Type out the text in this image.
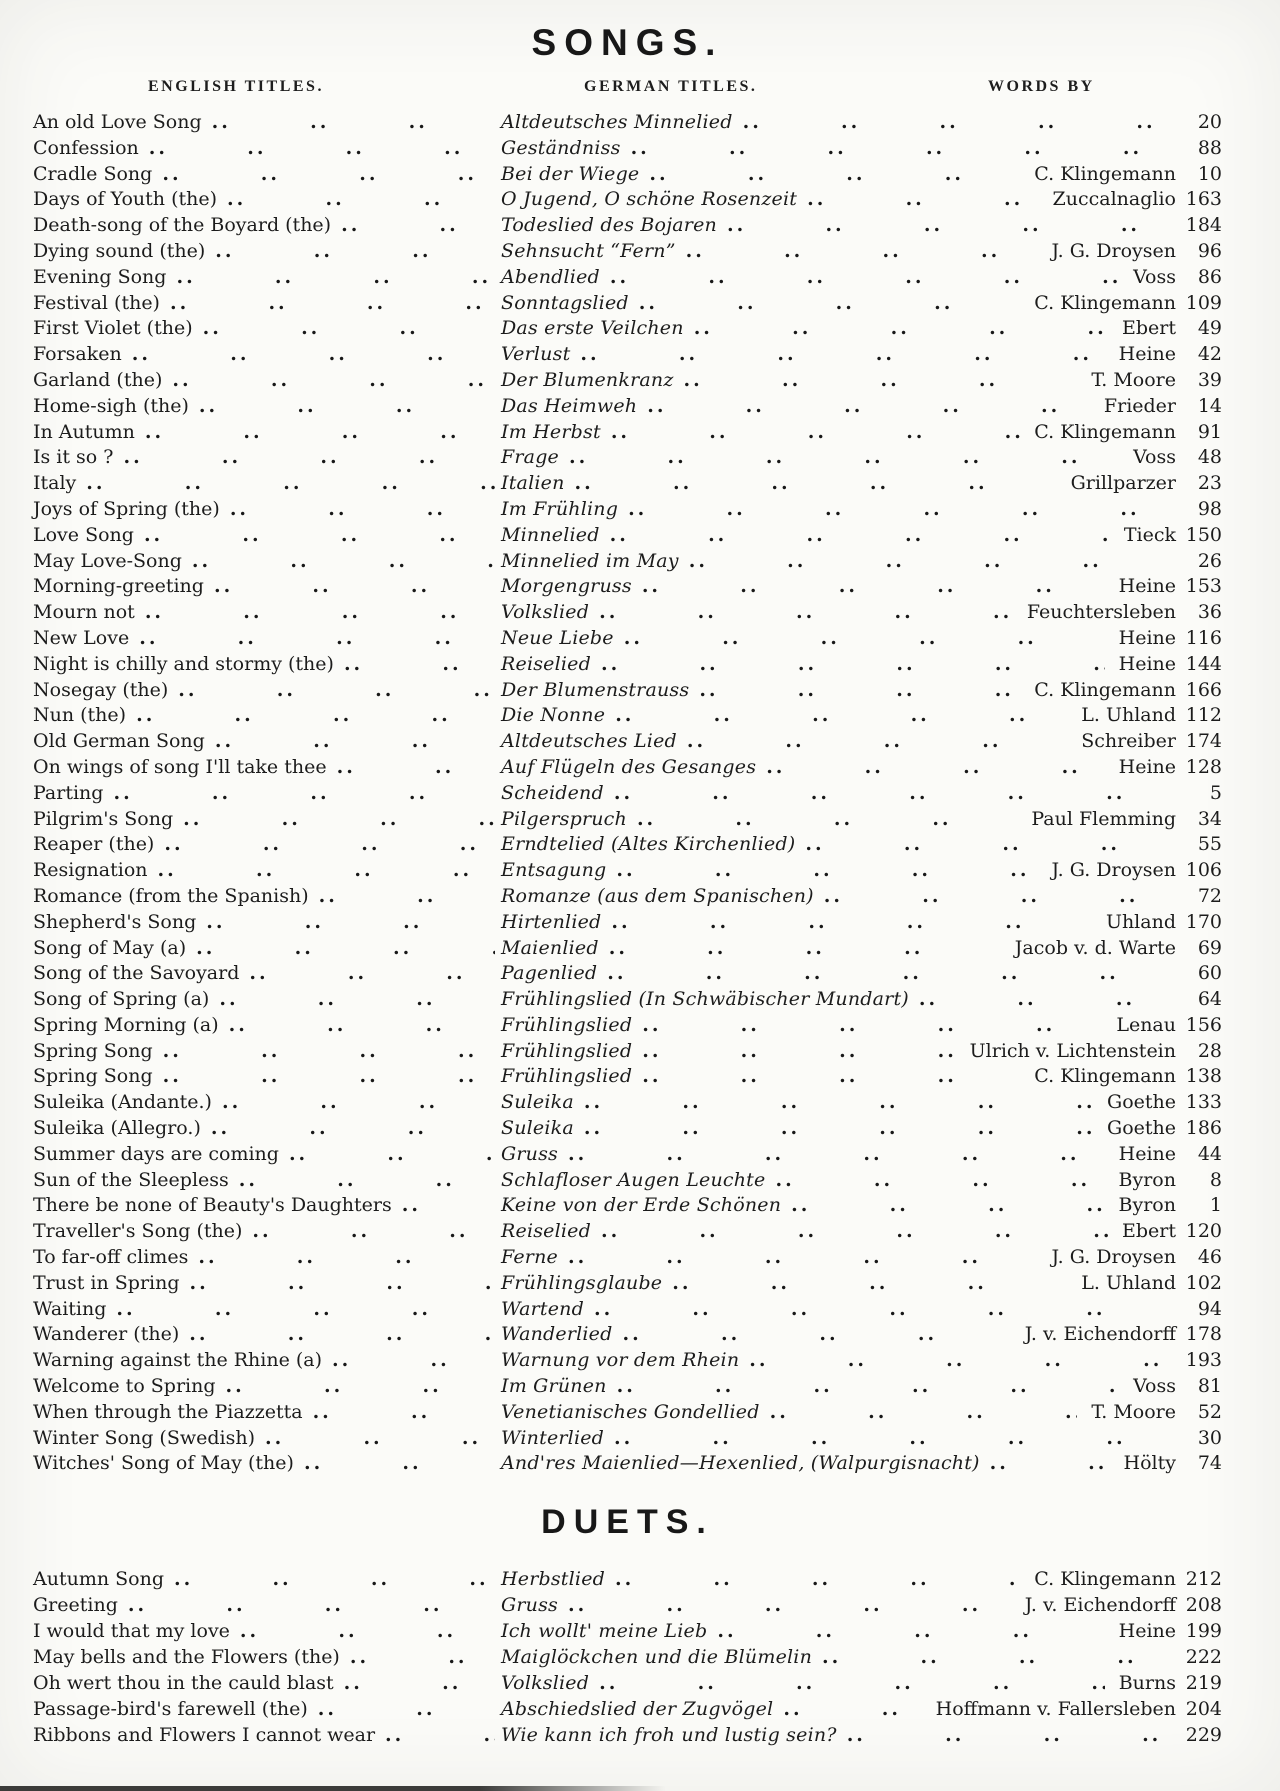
SONGS.
ENGLISH TITLES.	GERMAN TITLES.	WORDS BY
An old Love Song ..  .	Altdeutsches Minnelied ..  .	20
Confession ..  .	Geständniss ..  .	88
Cradle Song ..  .	Bei der Wiege ..  .	C. Klingemann	10
Days of Youth (the) ..  .	O Jugend, O schöne Rosenzeit ..  .	Zuccalnaglio 163
Death-song of the Boyard (the) ..  .	Todeslied des Bojaren ..  .	184
Dying sound (the) ..  .	Sehnsucht “Fern” ..  .	J. G. Droysen	96
Evening Song ..  .	Abendlied ..  .	Voss	86
Festival (the) ..  .	Sonntagslied ..  .	C. Klingemann 109
First Violet (the) ..  .	Das erste Veilchen ..  .	Ebert	49
Forsaken ..  .	Verlust ..  .	Heine	42
Garland (the) ..  .	Der Blumenkranz ..  .	T. Moore	39
Home-sigh (the) ..  .	Das Heimweh ..  .	Frieder	14
In Autumn ..  .	Im Herbst ..  .	C. Klingemann	91
Is it so ? ..  .	Frage ..  .	Voss	48
Italy ..  .	Italien ..  .	Grillparzer	23
Joys of Spring (the) ..  .	Im Frühling ..  .	98
Love Song ..  .	Minnelied ..  .	Tieck 150
May Love-Song ..  .	Minnelied im May ..  .	26
Morning-greeting ..  .	Morgengruss ..  .	Heine 153
Mourn not ..  .	Volkslied ..  .	Feuchtersleben	36
New Love ..  .	Neue Liebe ..  .	Heine 116
Night is chilly and stormy (the) ..  .	Reiselied ..  .	Heine 144
Nosegay (the) ..  .	Der Blumenstrauss ..  .	C. Klingemann 166
Nun (the) ..  .	Die Nonne ..  .	L. Uhland 112
Old German Song ..  .	Altdeutsches Lied ..  .	Schreiber 174
On wings of song I'll take thee ..  .	Auf Flügeln des Gesanges ..  .	Heine 128
Parting ..  .	Scheidend ..  .	5
Pilgrim's Song ..  .	Pilgerspruch ..  .	Paul Flemming	34
Reaper (the) ..  .	Erndtelied (Altes Kirchenlied) ..  .	55
Resignation ..  .	Entsagung ..  .	J. G. Droysen 106
Romance (from the Spanish) ..  .	Romanze (aus dem Spanischen) ..  .	72
Shepherd's Song ..  .	Hirtenlied ..  .	Uhland 170
Song of May (a) ..  .	Maienlied ..  .	Jacob v. d. Warte	69
Song of the Savoyard ..  .	Pagenlied ..  .	60
Song of Spring (a) ..  .	Frühlingslied (In Schwäbischer Mundart) ..  .	64
Spring Morning (a) ..  .	Frühlingslied ..  .	Lenau 156
Spring Song ..  .	Frühlingslied ..  .	Ulrich v. Lichtenstein	28
Spring Song ..  .	Frühlingslied ..  .	C. Klingemann 138
Suleika (Andante.) ..  .	Suleika ..  .	Goethe 133
Suleika (Allegro.) ..  .	Suleika ..  .	Goethe 186
Summer days are coming ..  .	Gruss ..  .	Heine	44
Sun of the Sleepless ..  .	Schlafloser Augen Leuchte ..  .	Byron	8
There be none of Beauty's Daughters ..  .	Keine von der Erde Schönen ..  .	Byron	1
Traveller's Song (the) ..  .	Reiselied ..  .	Ebert 120
To far-off climes ..  .	Ferne ..  .	J. G. Droysen	46
Trust in Spring ..  .	Frühlingsglaube ..  .	L. Uhland 102
Waiting ..  .	Wartend ..  .	94
Wanderer (the) ..  .	Wanderlied ..  .	J. v. Eichendorff 178
Warning against the Rhine (a) ..  .	Warnung vor dem Rhein ..  .	193
Welcome to Spring ..  .	Im Grünen ..  .	Voss	81
When through the Piazzetta ..  .	Venetianisches Gondellied ..  .	T. Moore	52
Winter Song (Swedish) ..  .	Winterlied ..  .	30
Witches' Song of May (the) ..  .	And'res Maienlied—Hexenlied, (Walpurgisnacht) ..  .	Hölty	74
DUETS.
Autumn Song ..  .	Herbstlied ..  .	C. Klingemann 212
Greeting ..  .	Gruss ..  .	J. v. Eichendorff 208
I would that my love ..  .	Ich wollt' meine Lieb ..  .	Heine 199
May bells and the Flowers (the) ..  .	Maiglöckchen und die Blümelin ..  .	222
Oh wert thou in the cauld blast ..  .	Volkslied ..  .	Burns 219
Passage-bird's farewell (the) ..  .	Abschiedslied der Zugvögel ..  .	Hoffmann v. Fallersleben 204
Ribbons and Flowers I cannot wear ..  .	Wie kann ich froh und lustig sein? ..  .	229
